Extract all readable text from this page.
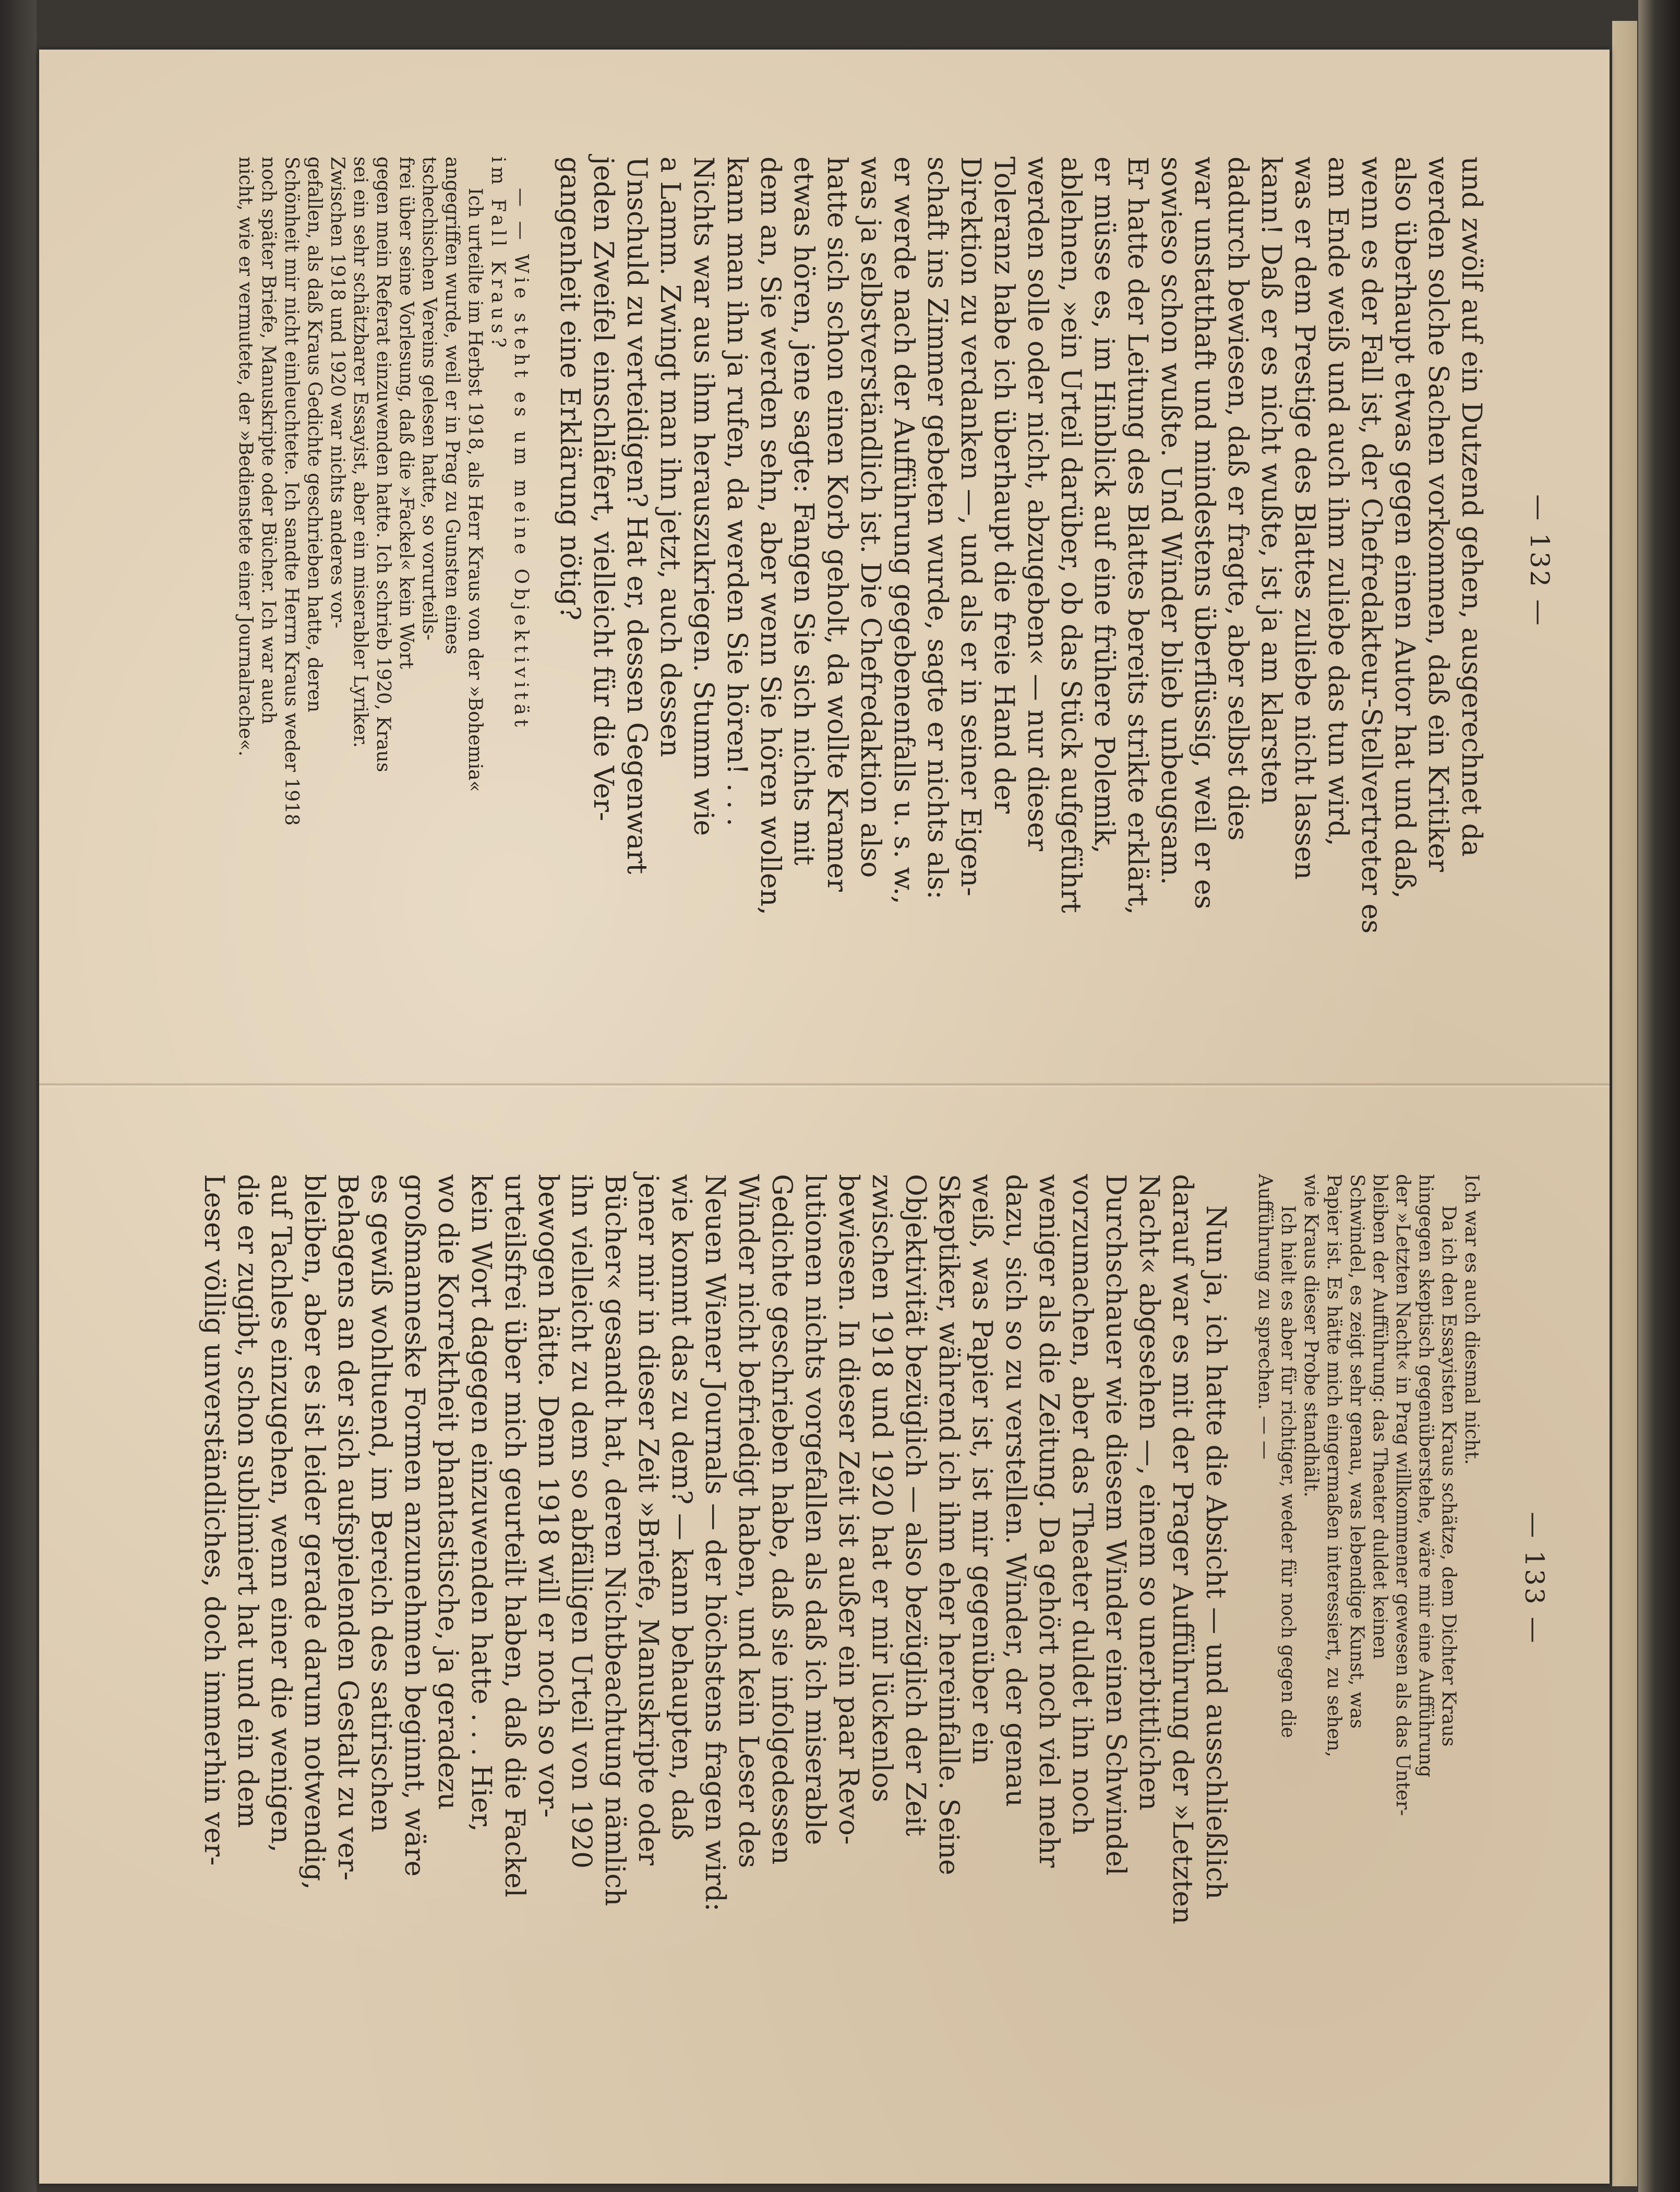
— 132 —

und zwölf auf ein Dutzend gehen, ausgerechnet da

werden solche Sachen vorkommen, daß ein Kritiker

also überhaupt etwas gegen einen Autor hat und daß,

wenn es der Fall ist, der Chefredakteur-Stellvertreter es

am Ende weiß und auch ihm zuliebe das tun wird,

was er dem Prestige des Blattes zuliebe nicht lassen

kann! Daß er es nicht wußte, ist ja am klarsten

dadurch bewiesen, daß er fragte, aber selbst dies

war unstatthaft und mindestens überflüssig, weil er es

sowieso schon wußte. Und Winder blieb unbeugsam.

Er hatte der Leitung des Blattes bereits strikte erklärt,

er müsse es, im Hinblick auf eine frühere Polemik,

ablehnen, »ein Urteil darüber, ob das Stück aufgeführt

werden solle oder nicht, abzugeben« — nur dieser

Toleranz habe ich überhaupt die freie Hand der

Direktion zu verdanken —, und als er in seiner Eigen-

schaft ins Zimmer gebeten wurde, sagte er nichts als:

er werde nach der Aufführung gegebenenfalls u. s. w.,

was ja selbstverständlich ist. Die Chefredaktion also

hatte sich schon einen Korb geholt, da wollte Kramer

etwas hören, jene sagte: Fangen Sie sich nichts mit

dem an, Sie werden sehn, aber wenn Sie hören wollen,

kann man ihn ja rufen, da werden Sie hören! . . .

Nichts war aus ihm herauszukriegen. Stumm wie

a Lamm. Zwingt man ihn jetzt, auch dessen

Unschuld zu verteidigen? Hat er, dessen Gegenwart

jeden Zweifel einschläfert, vielleicht für die Ver-

gangenheit eine Erklärung nötig?

— — Wie steht es um meine Objektivität

im Fall Kraus?

Ich urteilte im Herbst 1918, als Herr Kraus von der »Bohemia«

angegriffen wurde, weil er in Prag zu Gunsten eines

tschechischen Vereins gelesen hatte, so vorurteils-

frei über seine Vorlesung, daß die »Fackel« kein Wort

gegen mein Referat einzuwenden hatte. Ich schrieb 1920, Kraus

sei ein sehr schätzbarer Essayist, aber ein miserabler Lyriker.

Zwischen 1918 und 1920 war nichts anderes vor-

gefallen, als daß Kraus Gedichte geschrieben hatte, deren

Schönheit mir nicht einleuchtete. Ich sandte Herrn Kraus weder 1918

noch später Briefe, Manuskripte oder Bücher. Ich war auch

nicht, wie er vermutete, der »Bedienstete einer Journalrache«.

— 133 —

Ich war es auch diesmal nicht.

Da ich den Essayisten Kraus schätze, dem Dichter Kraus

hingegen skeptisch gegenüberstehe, wäre mir eine Aufführung

der »Letzten Nacht« in Prag willkommener gewesen als das Unter-

bleiben der Aufführung: das Theater duldet keinen

Schwindel, es zeigt sehr genau, was lebendige Kunst, was

Papier ist. Es hätte mich eingermaßen interessiert, zu sehen,

wie Kraus dieser Probe standhält.

Ich hielt es aber für richtiger, weder für noch gegen die

Aufführung zu sprechen. — —

Nun ja, ich hatte die Absicht — und ausschließlich

darauf war es mit der Prager Aufführung der »Letzten

Nacht« abgesehen —, einem so unerbittlichen

Durchschauer wie diesem Winder einen Schwindel

vorzumachen, aber das Theater duldet ihn noch

weniger als die Zeitung. Da gehört noch viel mehr

dazu, sich so zu verstellen. Winder, der genau

weiß, was Papier ist, ist mir gegenüber ein

Skeptiker, während ich ihm eher hereinfalle. Seine

Objektivität bezüglich — also bezüglich der Zeit

zwischen 1918 und 1920 hat er mir lückenlos

bewiesen. In dieser Zeit ist außer ein paar Revo-

lutionen nichts vorgefallen als daß ich miserable

Gedichte geschrieben habe, daß sie infolgedessen

Winder nicht befriedigt haben, und kein Leser des

Neuen Wiener Journals — der höchstens fragen wird:

wie kommt das zu dem? — kann behaupten, daß

jener mir in dieser Zeit »Briefe, Manuskripte oder

Bücher« gesandt hat, deren Nichtbeachtung nämlich

ihn vielleicht zu dem so abfälligen Urteil von 1920

bewogen hätte. Denn 1918 will er noch so vor-

urteilsfrei über mich geurteilt haben, daß die Fackel

kein Wort dagegen einzuwenden hatte . . . Hier,

wo die Korrektheit phantastische, ja geradezu

großmanneske Formen anzunehmen beginnt, wäre

es gewiß wohltuend, im Bereich des satirischen

Behagens an der sich aufspielenden Gestalt zu ver-

bleiben, aber es ist leider gerade darum notwendig,

auf Tachles einzugehen, wenn einer die wenigen,

die er zugibt, schon sublimiert hat und ein dem

Leser völlig unverständliches, doch immerhin ver-
